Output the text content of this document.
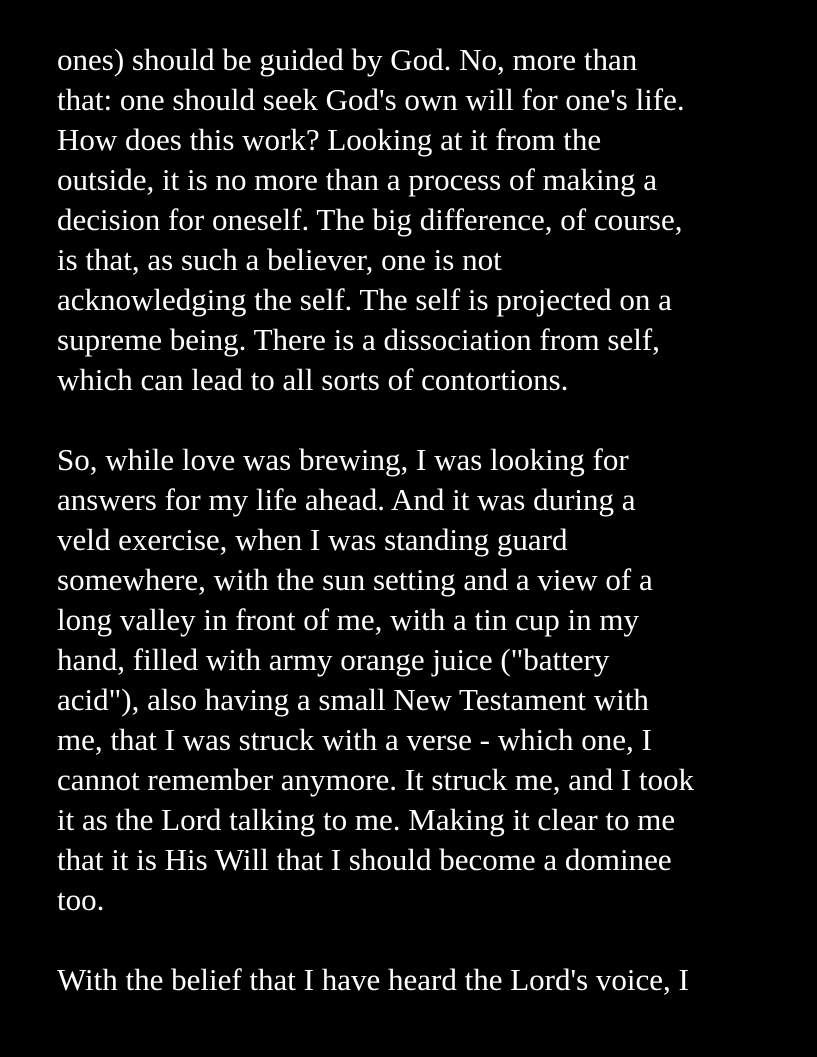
ones) should be guided by God. No, more than
that: one should seek God's own will for one's life.
How does this work? Looking at it from the
outside, it is no more than a process of making a
decision for oneself. The big difference, of course,
is that, as such a believer, one is not
acknowledging the self. The self is projected on a
supreme being. There is a dissociation from self,
which can lead to all sorts of contortions.
So, while love was brewing, I was looking for
answers for my life ahead. And it was during a
veld exercise, when I was standing guard
somewhere, with the sun setting and a view of a
long valley in front of me, with a tin cup in my
hand, filled with army orange juice ("battery
acid"), also having a small New Testament with
me, that I was struck with a verse - which one, I
cannot remember anymore. It struck me, and I took
it as the Lord talking to me. Making it clear to me
that it is His Will that I should become a dominee
too.
With the belief that I have heard the Lord's voice, I
